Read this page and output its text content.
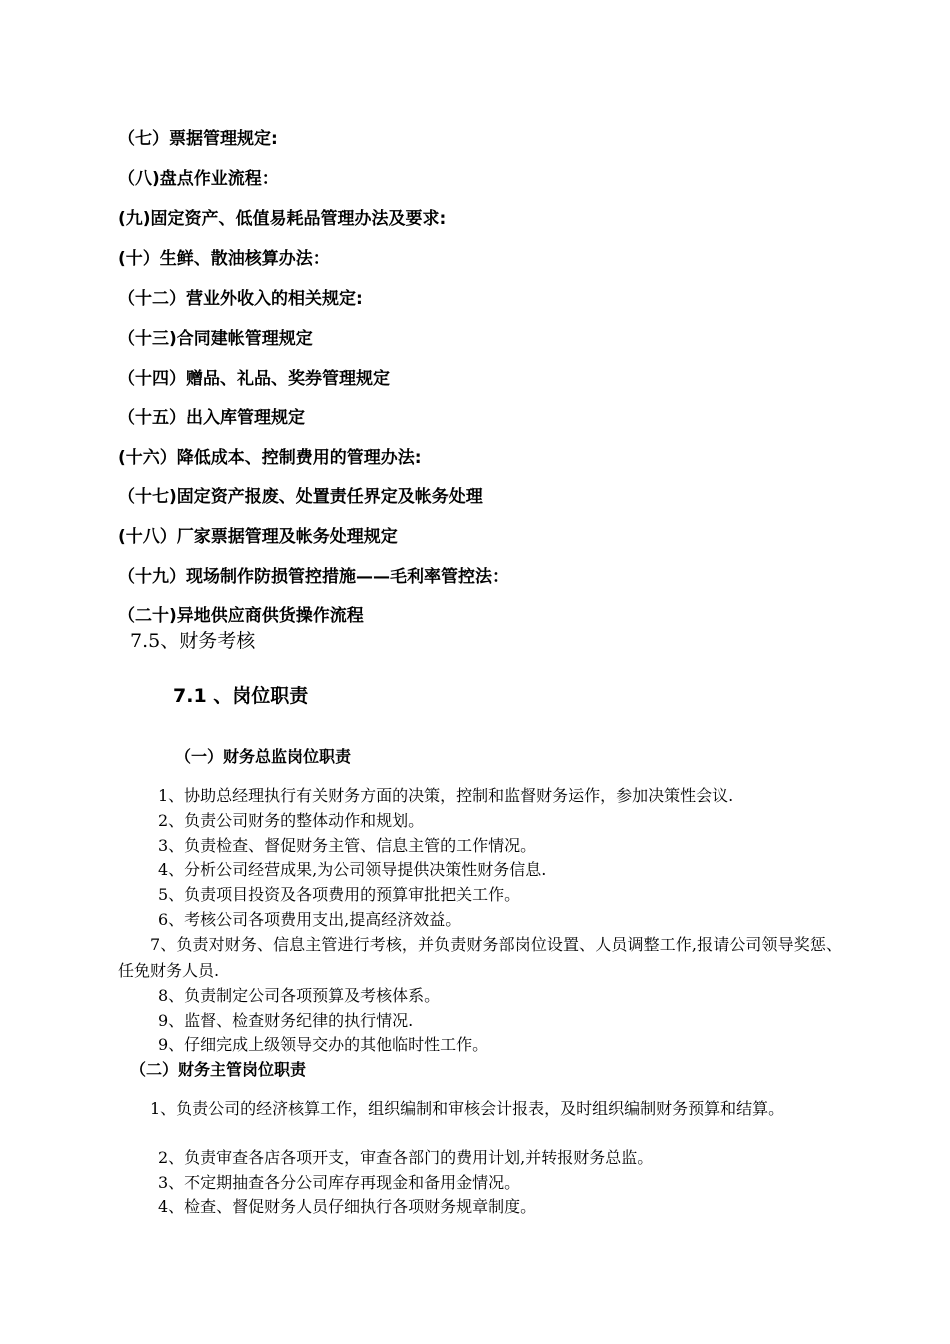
（七）票据管理规定:
（八)盘点作业流程：
(九)固定资产、低值易耗品管理办法及要求:
(十）生鲜、散油核算办法：
（十二）营业外收入的相关规定:
（十三)合同建帐管理规定
（十四）赠品、礼品、奖券管理规定
（十五）出入库管理规定
(十六）降低成本、控制费用的管理办法:
（十七)固定资产报废、处置责任界定及帐务处理
(十八）厂家票据管理及帐务处理规定
（十九）现场制作防损管控措施——毛利率管控法：
（二十)异地供应商供货操作流程
7.5、财务考核
7.1 、岗位职责
（一）财务总监岗位职责
1、协助总经理执行有关财务方面的决策，控制和监督财务运作，参加决策性会议.
2、负责公司财务的整体动作和规划。
3、负责检查、督促财务主管、信息主管的工作情况。
4、分析公司经营成果,为公司领导提供决策性财务信息.
5、负责项目投资及各项费用的预算审批把关工作。
6、考核公司各项费用支出,提高经济效益。
7、负责对财务、信息主管进行考核，并负责财务部岗位设置、人员调整工作,报请公司领导奖惩、任免财务人员.
8、负责制定公司各项预算及考核体系。
9、监督、检查财务纪律的执行情况.
9、仔细完成上级领导交办的其他临时性工作。
（二）财务主管岗位职责
1、负责公司的经济核算工作，组织编制和审核会计报表，及时组织编制财务预算和结算。
2、负责审查各店各项开支，审查各部门的费用计划,并转报财务总监。
3、不定期抽查各分公司库存再现金和备用金情况。
4、检查、督促财务人员仔细执行各项财务规章制度。
